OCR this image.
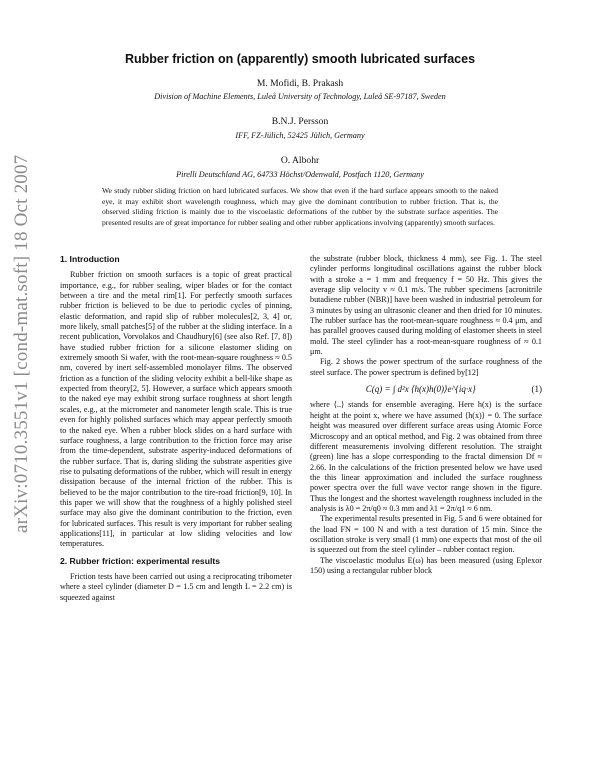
arXiv:0710.3551v1 [cond-mat.soft] 18 Oct 2007
Rubber friction on (apparently) smooth lubricated surfaces
M. Mofidi, B. Prakash
Division of Machine Elements, Luleå University of Technology, Luleå SE-97187, Sweden
B.N.J. Persson
IFF, FZ-Jülich, 52425 Jülich, Germany
O. Albohr
Pirelli Deutschland AG, 64733 Höchst/Odenwald, Postfach 1120, Germany
We study rubber sliding friction on hard lubricated surfaces. We show that even if the hard surface appears smooth to the naked eye, it may exhibit short wavelength roughness, which may give the dominant contribution to rubber friction. That is, the observed sliding friction is mainly due to the viscoelastic deformations of the rubber by the substrate surface asperities. The presented results are of great importance for rubber sealing and other rubber applications involving (apparently) smooth surfaces.
1. Introduction

Rubber friction on smooth surfaces is a topic of great practical importance, e.g., for rubber sealing, wiper blades or for the contact between a tire and the metal rim[1]. For perfectly smooth surfaces rubber friction is believed to be due to periodic cycles of pinning, elastic deformation, and rapid slip of rubber molecules[2, 3, 4] or, more likely, small patches[5] of the rubber at the sliding interface. In a recent publication, Vorvolakos and Chaudhury[6] (see also Ref. [7, 8]) have studied rubber friction for a silicone elastomer sliding on extremely smooth Si wafer, with the root-mean-square roughness ≈ 0.5 nm, covered by inert self-assembled monolayer films. The observed friction as a function of the sliding velocity exhibit a bell-like shape as expected from theory[2, 5]. However, a surface which appears smooth to the naked eye may exhibit strong surface roughness at short length scales, e.g., at the micrometer and nanometer length scale. This is true even for highly polished surfaces which may appear perfectly smooth to the naked eye. When a rubber block slides on a hard surface with surface roughness, a large contribution to the friction force may arise from the time-dependent, substrate asperity-induced deformations of the rubber surface. That is, during sliding the substrate asperities give rise to pulsating deformations of the rubber, which will result in energy dissipation because of the internal friction of the rubber. This is believed to be the major contribution to the tire-road friction[9, 10]. In this paper we will show that the roughness of a highly polished steel surface may also give the dominant contribution to the friction, even for lubricated surfaces. This result is very important for rubber sealing applications[11], in particular at low sliding velocities and low temperatures.

2. Rubber friction: experimental results

Friction tests have been carried out using a reciprocating tribometer where a steel cylinder (diameter D = 1.5 cm and length L = 2.2 cm) is squeezed against

the substrate (rubber block, thickness 4 mm), see Fig. 1. The steel cylinder performs longitudinal oscillations against the rubber block with a stroke a = 1 mm and frequency f = 50 Hz. This gives the average slip velocity v ≈ 0.1 m/s. The rubber specimens [acronitrile butadiene rubber (NBR)] have been washed in industrial petroleum for 3 minutes by using an ultrasonic cleaner and then dried for 10 minutes. The rubber surface has the root-mean-square roughness ≈ 0.4 μm, and has parallel grooves caused during molding of elastomer sheets in steel mold. The steel cylinder has a root-mean-square roughness of ≈ 0.1 μm.

Fig. 2 shows the power spectrum of the surface roughness of the steel surface. The power spectrum is defined by[12]

C(q) = ∫ d²x ⟨h(x)h(0)⟩e^{iq·x}	(1)

where ⟨..⟩ stands for ensemble averaging. Here h(x) is the surface height at the point x, where we have assumed ⟨h(x)⟩ = 0. The surface height was measured over different surface areas using Atomic Force Microscopy and an optical method, and Fig. 2 was obtained from three different measurements involving different resolution. The straight (green) line has a slope corresponding to the fractal dimension Df ≈ 2.66. In the calculations of the friction presented below we have used the this linear approximation and included the surface roughness power spectra over the full wave vector range shown in the figure. Thus the longest and the shortest wavelength roughness included in the analysis is λ0 = 2π/q0 ≈ 0.3 mm and λ1 = 2π/q1 ≈ 6 nm.

The experimental results presented in Fig. 5 and 6 were obtained for the load FN = 100 N and with a test duration of 15 min. Since the oscillation stroke is very small (1 mm) one expects that most of the oil is squeezed out from the steel cylinder – rubber contact region.

The viscoelastic modulus E(ω) has been measured (using Eplexor 150) using a rectangular rubber block
